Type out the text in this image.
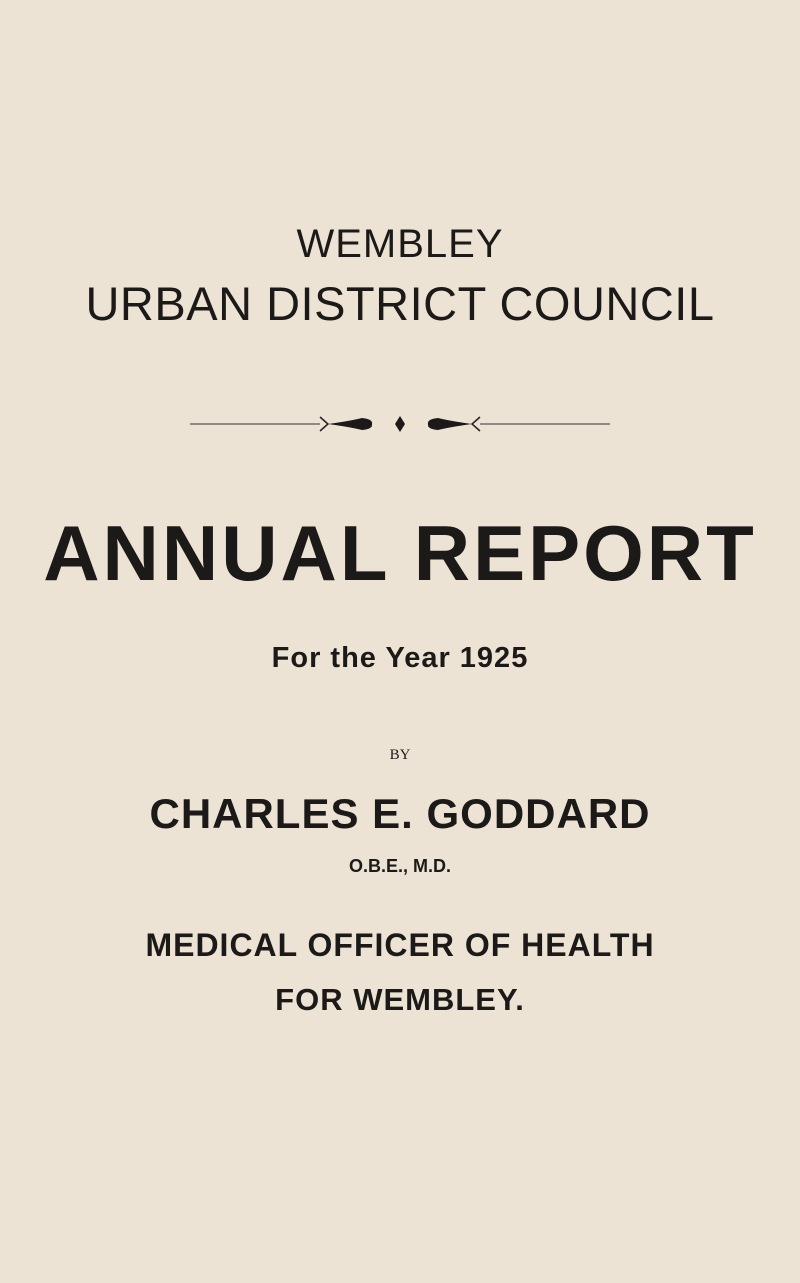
WEMBLEY
URBAN DISTRICT COUNCIL
ANNUAL REPORT
For the Year 1925
BY
CHARLES E. GODDARD
O.B.E., M.D.
MEDICAL OFFICER OF HEALTH
FOR WEMBLEY.
